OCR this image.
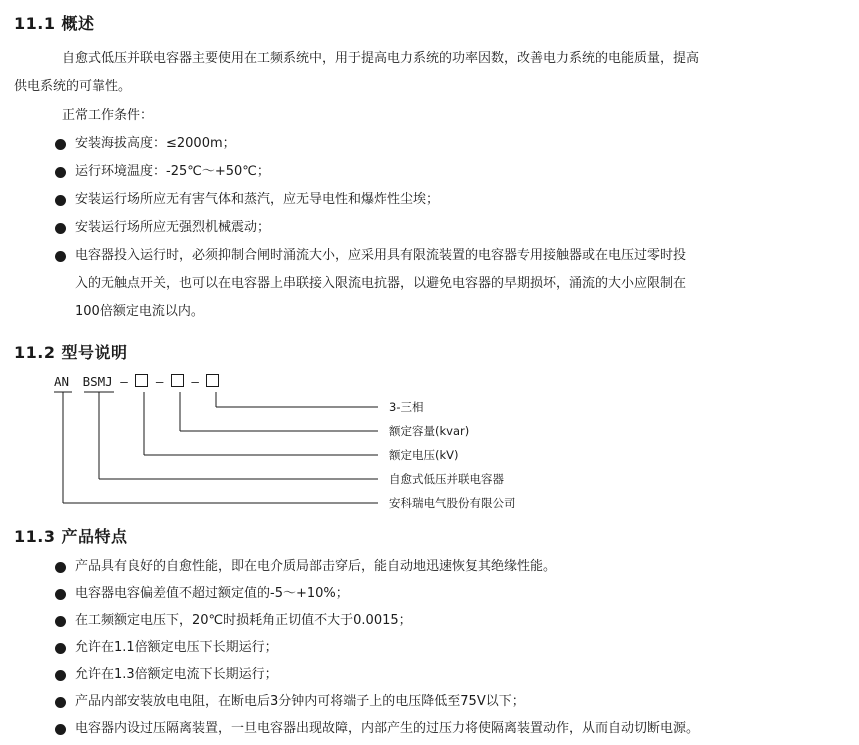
11.1 概述
自愈式低压并联电容器主要使用在工频系统中，用于提高电力系统的功率因数，改善电力系统的电能质量，提高
供电系统的可靠性。
正常工作条件：
安装海拔高度：≤2000m；
运行环境温度：-25℃～+50℃；
安装运行场所应无有害气体和蒸汽，应无导电性和爆炸性尘埃；
安装运行场所应无强烈机械震动；
电容器投入运行时，必须抑制合闸时涌流大小，应采用具有限流装置的电容器专用接触器或在电压过零时投
入的无触点开关，也可以在电容器上串联接入限流电抗器，以避免电容器的早期损坏，涌流的大小应限制在
100倍额定电流以内。
11.2 型号说明
AN BSMJ — — —
3-三相
额定容量(kvar)
额定电压(kV)
自愈式低压并联电容器
安科瑞电气股份有限公司
11.3 产品特点
产品具有良好的自愈性能，即在电介质局部击穿后，能自动地迅速恢复其绝缘性能。
电容器电容偏差值不超过额定值的-5～+10%；
在工频额定电压下，20℃时损耗角正切值不大于0.0015；
允许在1.1倍额定电压下长期运行；
允许在1.3倍额定电流下长期运行；
产品内部安装放电电阻，在断电后3分钟内可将端子上的电压降低至75V以下；
电容器内设过压隔离装置，一旦电容器出现故障，内部产生的过压力将使隔离装置动作，从而自动切断电源。
